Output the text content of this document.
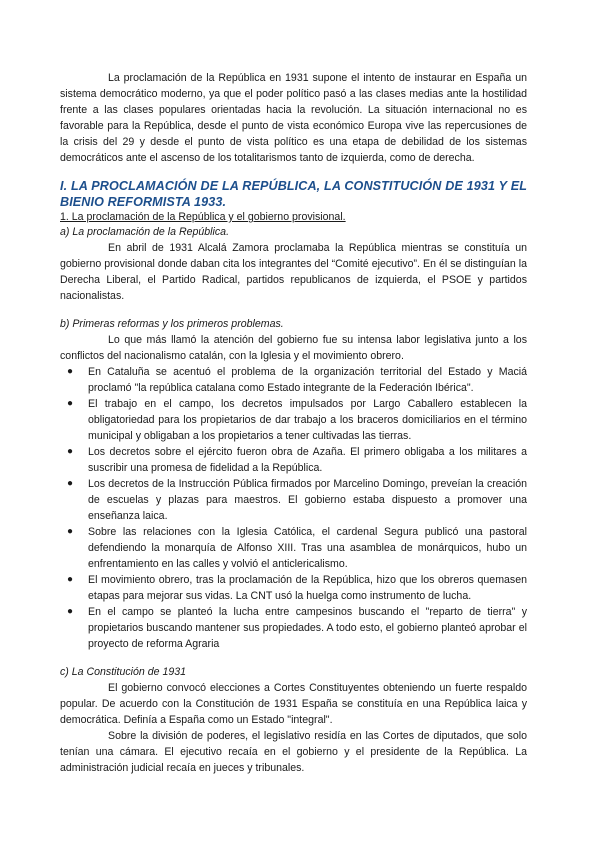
La proclamación de la República en 1931 supone el intento de instaurar en España un sistema democrático moderno, ya que el poder político pasó a las clases medias ante la hostilidad frente a las clases populares orientadas hacia la revolución. La situación internacional no es favorable para la República, desde el punto de vista económico Europa vive las repercusiones de la crisis del 29 y desde el punto de vista político es una etapa de debilidad de los sistemas democráticos ante el ascenso de los totalitarismos tanto de izquierda, como de derecha.

I. LA PROCLAMACIÓN DE LA REPÚBLICA, LA CONSTITUCIÓN DE 1931 Y EL BIENIO REFORMISTA 1933.

1. La proclamación de la República y el gobierno provisional.

a) La proclamación de la República.

En abril de 1931 Alcalá Zamora proclamaba la República mientras se constituía un gobierno provisional donde daban cita los integrantes del “Comité ejecutivo”. En él se distinguían la Derecha Liberal, el Partido Radical, partidos republicanos de izquierda, el PSOE y partidos nacionalistas.

b) Primeras reformas y los primeros problemas.

Lo que más llamó la atención del gobierno fue su intensa labor legislativa junto a los conflictos del nacionalismo catalán, con la Iglesia y el movimiento obrero.

● En Cataluña se acentuó el problema de la organización territorial del Estado y Maciá proclamó "la república catalana como Estado integrante de la Federación Ibérica".
● El trabajo en el campo, los decretos impulsados por Largo Caballero establecen la obligatoriedad para los propietarios de dar trabajo a los braceros domiciliarios en el término municipal y obligaban a los propietarios a tener cultivadas las tierras.
● Los decretos sobre el ejército fueron obra de Azaña. El primero obligaba a los militares a suscribir una promesa de fidelidad a la República.
● Los decretos de la Instrucción Pública firmados por Marcelino Domingo, preveían la creación de escuelas y plazas para maestros. El gobierno estaba dispuesto a promover una enseñanza laica.
● Sobre las relaciones con la Iglesia Católica, el cardenal Segura publicó una pastoral defendiendo la monarquía de Alfonso XIII. Tras una asamblea de monárquicos, hubo un enfrentamiento en las calles y volvió el anticlericalismo.
● El movimiento obrero, tras la proclamación de la República, hizo que los obreros quemasen etapas para mejorar sus vidas. La CNT usó la huelga como instrumento de lucha.
● En el campo se planteó la lucha entre campesinos buscando el "reparto de tierra" y propietarios buscando mantener sus propiedades. A todo esto, el gobierno planteó aprobar el proyecto de reforma Agraria

c) La Constitución de 1931

El gobierno convocó elecciones a Cortes Constituyentes obteniendo un fuerte respaldo popular. De acuerdo con la Constitución de 1931 España se constituía en una República laica y democrática. Definía a España como un Estado "integral".

Sobre la división de poderes, el legislativo residía en las Cortes de diputados, que solo tenían una cámara. El ejecutivo recaía en el gobierno y el presidente de la República. La administración judicial recaía en jueces y tribunales.
